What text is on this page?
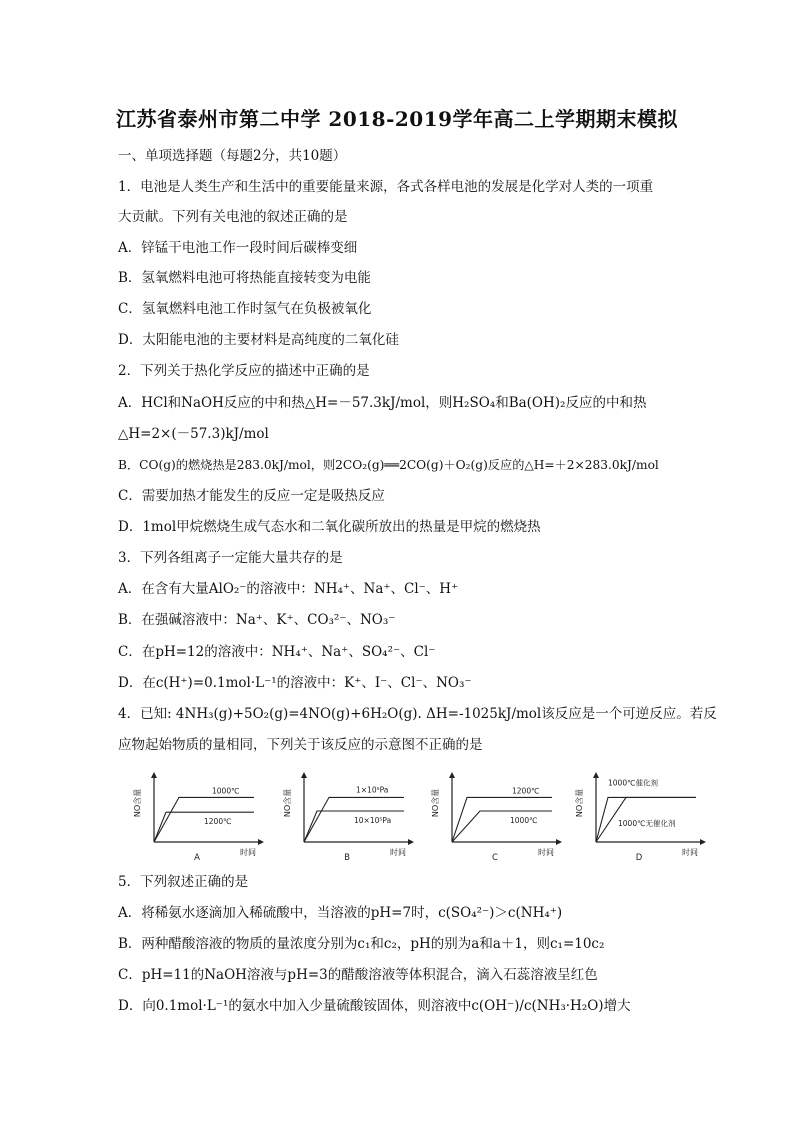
江苏省泰州市第二中学 2018-2019学年高二上学期期末模拟
一、单项选择题（每题2分，共10题）
1．电池是人类生产和生活中的重要能量来源，各式各样电池的发展是化学对人类的一项重
大贡献。下列有关电池的叙述正确的是
A．锌锰干电池工作一段时间后碳棒变细
B．氢氧燃料电池可将热能直接转变为电能
C．氢氧燃料电池工作时氢气在负极被氧化
D．太阳能电池的主要材料是高纯度的二氧化硅
2．下列关于热化学反应的描述中正确的是
A．HCl和NaOH反应的中和热△H=－57.3kJ/mol，则H₂SO₄和Ba(OH)₂反应的中和热
△H=2×(－57.3)kJ/mol
B．CO(g)的燃烧热是283.0kJ/mol，则2CO₂(g)══2CO(g)＋O₂(g)反应的△H=＋2×283.0kJ/mol
C．需要加热才能发生的反应一定是吸热反应
D．1mol甲烷燃烧生成气态水和二氧化碳所放出的热量是甲烷的燃烧热
3．下列各组离子一定能大量共存的是
A．在含有大量AlO₂⁻的溶液中：NH₄⁺、Na⁺、Cl⁻、H⁺
B．在强碱溶液中：Na⁺、K⁺、CO₃²⁻、NO₃⁻
C．在pH=12的溶液中：NH₄⁺、Na⁺、SO₄²⁻、Cl⁻
D．在c(H⁺)=0.1mol·L⁻¹的溶液中：K⁺、I⁻、Cl⁻、NO₃⁻
4．已知: 4NH₃(g)+5O₂(g)=4NO(g)+6H₂O(g). ΔH=-1025kJ/mol该反应是一个可逆反应。若反
应物起始物质的量相同，下列关于该反应的示意图不正确的是
NO含量
时间
A
1000℃
1200℃
NO含量
时间
B
1×10⁵Pa
10×10⁵Pa
NO含量
时间
C
1200℃
1000℃
NO含量
时间
D
1000℃催化剂
1000℃无催化剂
5．下列叙述正确的是
A．将稀氨水逐滴加入稀硫酸中，当溶液的pH=7时，c(SO₄²⁻)＞c(NH₄⁺)
B．两种醋酸溶液的物质的量浓度分别为c₁和c₂，pH的别为a和a＋1，则c₁=10c₂
C．pH=11的NaOH溶液与pH=3的醋酸溶液等体积混合，滴入石蕊溶液呈红色
D．向0.1mol·L⁻¹的氨水中加入少量硫酸铵固体，则溶液中c(OH⁻)/c(NH₃·H₂O)增大
